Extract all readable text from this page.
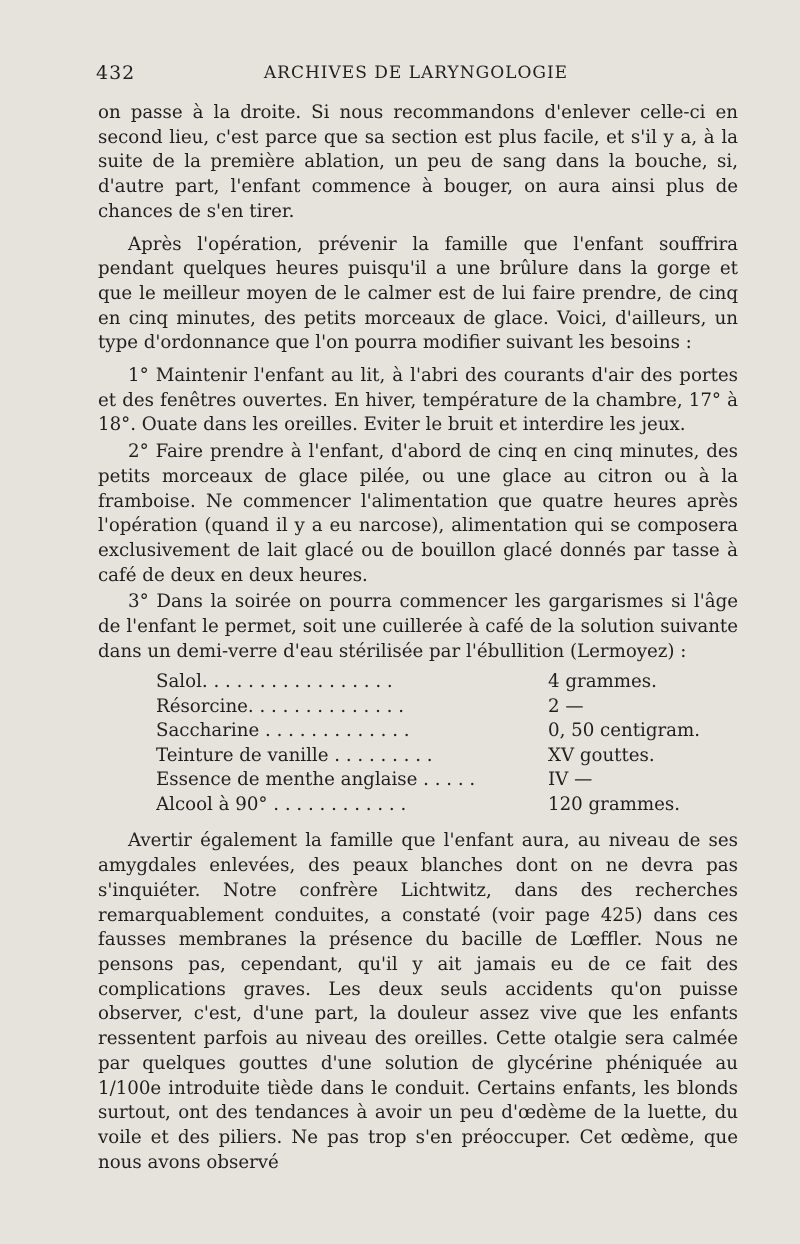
432	ARCHIVES DE LARYNGOLOGIE

on passe à la droite. Si nous recommandons d'enlever celle-ci en second lieu, c'est parce que sa section est plus facile, et s'il y a, à la suite de la première ablation, un peu de sang dans la bouche, si, d'autre part, l'enfant commence à bouger, on aura ainsi plus de chances de s'en tirer.

Après l'opération, prévenir la famille que l'enfant souffrira pendant quelques heures puisqu'il a une brûlure dans la gorge et que le meilleur moyen de le calmer est de lui faire prendre, de cinq en cinq minutes, des petits morceaux de glace. Voici, d'ailleurs, un type d'ordonnance que l'on pourra modifier suivant les besoins :

1° Maintenir l'enfant au lit, à l'abri des courants d'air des portes et des fenêtres ouvertes. En hiver, température de la chambre, 17° à 18°. Ouate dans les oreilles. Eviter le bruit et interdire les jeux.

2° Faire prendre à l'enfant, d'abord de cinq en cinq minutes, des petits morceaux de glace pilée, ou une glace au citron ou à la framboise. Ne commencer l'alimentation que quatre heures après l'opération (quand il y a eu narcose), alimentation qui se composera exclusivement de lait glacé ou de bouillon glacé donnés par tasse à café de deux en deux heures.

3° Dans la soirée on pourra commencer les gargarismes si l'âge de l'enfant le permet, soit une cuillerée à café de la solution suivante dans un demi-verre d'eau stérilisée par l'ébullition (Lermoyez) :

Salol. . . . . . . . . . . . . . . . .	4 grammes.
Résorcine. . . . . . . . . . . . . .	2 —
Saccharine . . . . . . . . . . . . .	0, 50 centigram.
Teinture de vanille . . . . . . . . .	XV gouttes.
Essence de menthe anglaise . . . . .	IV —
Alcool à 90° . . . . . . . . . . . .	120 grammes.

Avertir également la famille que l'enfant aura, au niveau de ses amygdales enlevées, des peaux blanches dont on ne devra pas s'inquiéter. Notre confrère Lichtwitz, dans des recherches remarquablement conduites, a constaté (voir page 425) dans ces fausses membranes la présence du bacille de Lœffler. Nous ne pensons pas, cependant, qu'il y ait jamais eu de ce fait des complications graves. Les deux seuls accidents qu'on puisse observer, c'est, d'une part, la douleur assez vive que les enfants ressentent parfois au niveau des oreilles. Cette otalgie sera calmée par quelques gouttes d'une solution de glycérine phéniquée au 1/100e introduite tiède dans le conduit. Certains enfants, les blonds surtout, ont des tendances à avoir un peu d'œdème de la luette, du voile et des piliers. Ne pas trop s'en préoccuper. Cet œdème, que nous avons observé
